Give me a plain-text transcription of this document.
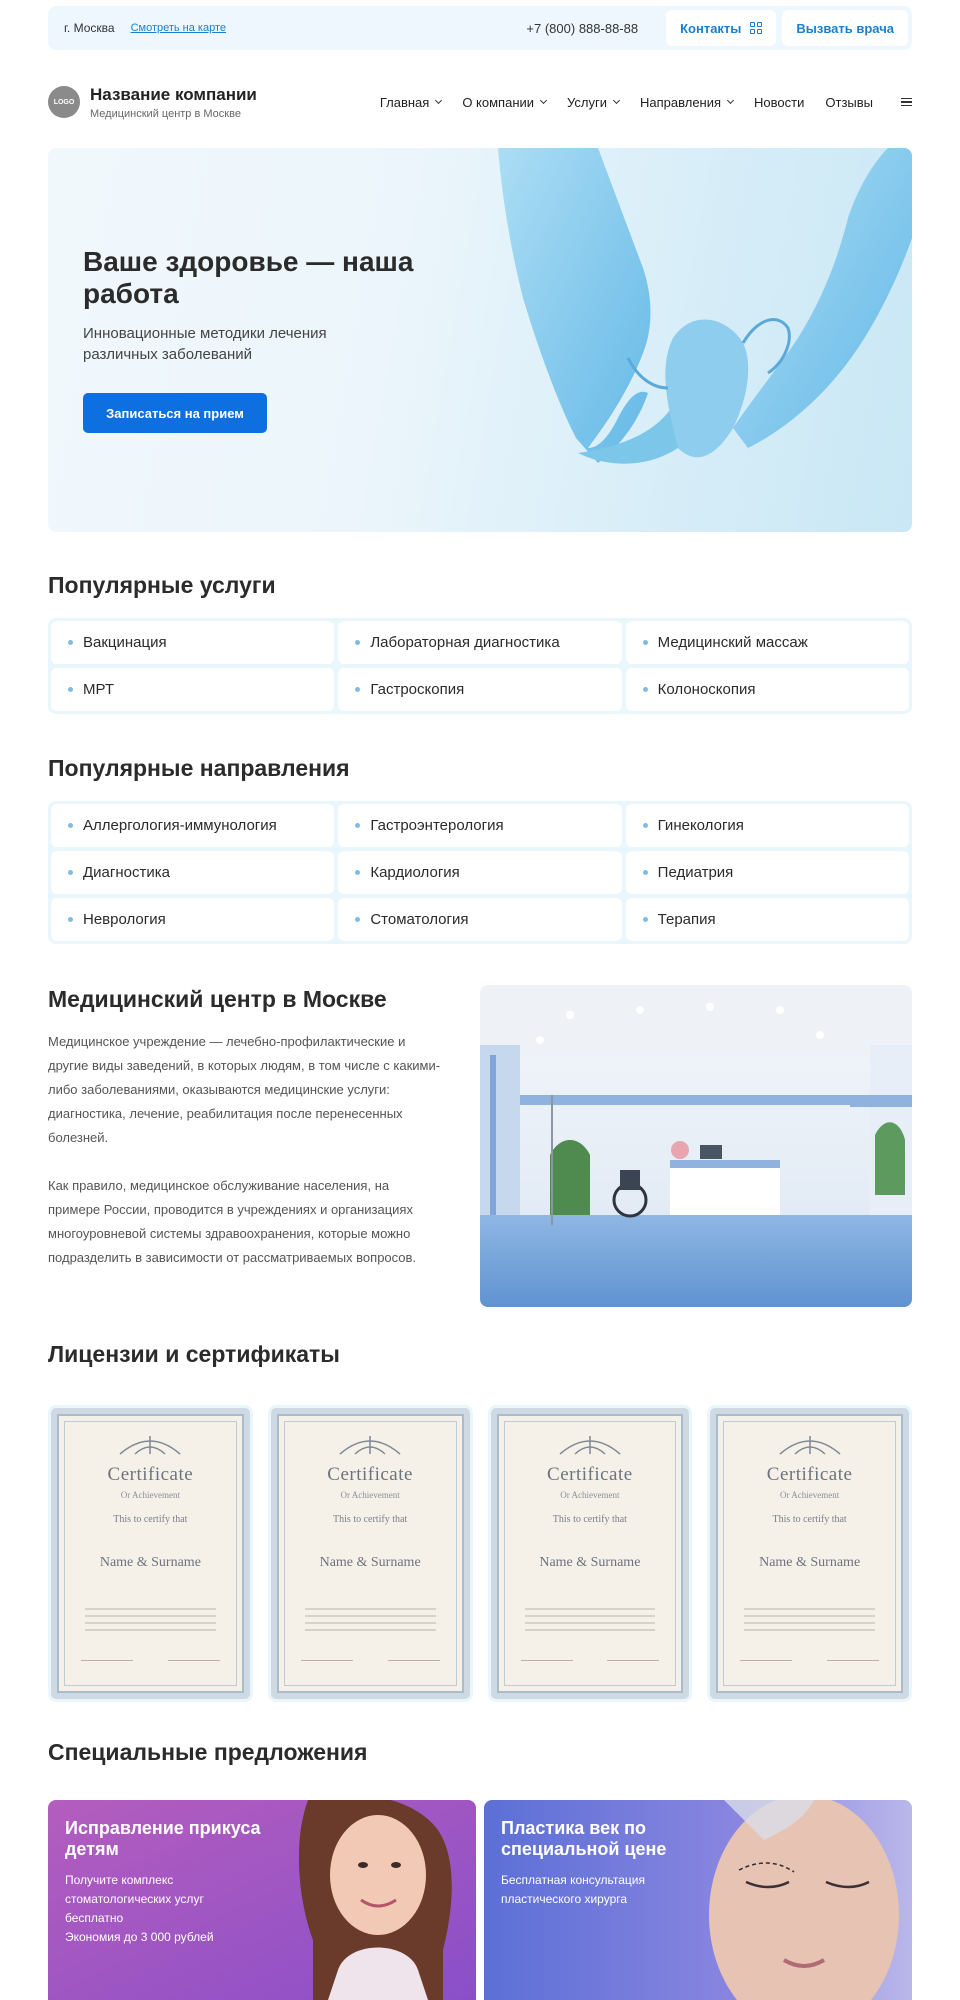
г. Москва Смотреть на карте	+7 (800) 888-88-88	Контакты	Вызвать врача
LOGO Название компании
Медицинский центр в Москве
Главная	О компании	Услуги	Направления	Новости Отзывы
Ваше здоровье — наша работа
Инновационные методики лечения различных заболеваний
Записаться на прием
Популярные услуги
Вакцинация	Лабораторная диагностика	Медицинский массаж
МРТ	Гастроскопия	Колоноскопия
Популярные направления
Аллергология-иммунология	Гастроэнтерология	Гинекология
Диагностика	Кардиология	Педиатрия
Неврология	Стоматология	Терапия
Медицинский центр в Москве
Медицинское учреждение — лечебно-профилактические и другие виды заведений, в которых людям, в том числе с какими-либо заболеваниями, оказываются медицинские услуги: диагностика, лечение, реабилитация после перенесенных болезней.
Как правило, медицинское обслуживание населения, на примере России, проводится в учреждениях и организациях многоуровневой системы здравоохранения, которые можно подразделить в зависимости от рассматриваемых вопросов.
Лицензии и сертификаты
Certificate
Or Achievement
This to certify that
Name & Surname
Certificate
Or Achievement
This to certify that
Name & Surname
Certificate
Or Achievement
This to certify that
Name & Surname
Certificate
Or Achievement
This to certify that
Name & Surname
Специальные предложения
Исправление прикуса детям
Получите комплекс
стоматологических услуг
бесплатно
Экономия до 3 000 рублей
Пластика век по специальной цене
Бесплатная консультация
пластического хирурга
